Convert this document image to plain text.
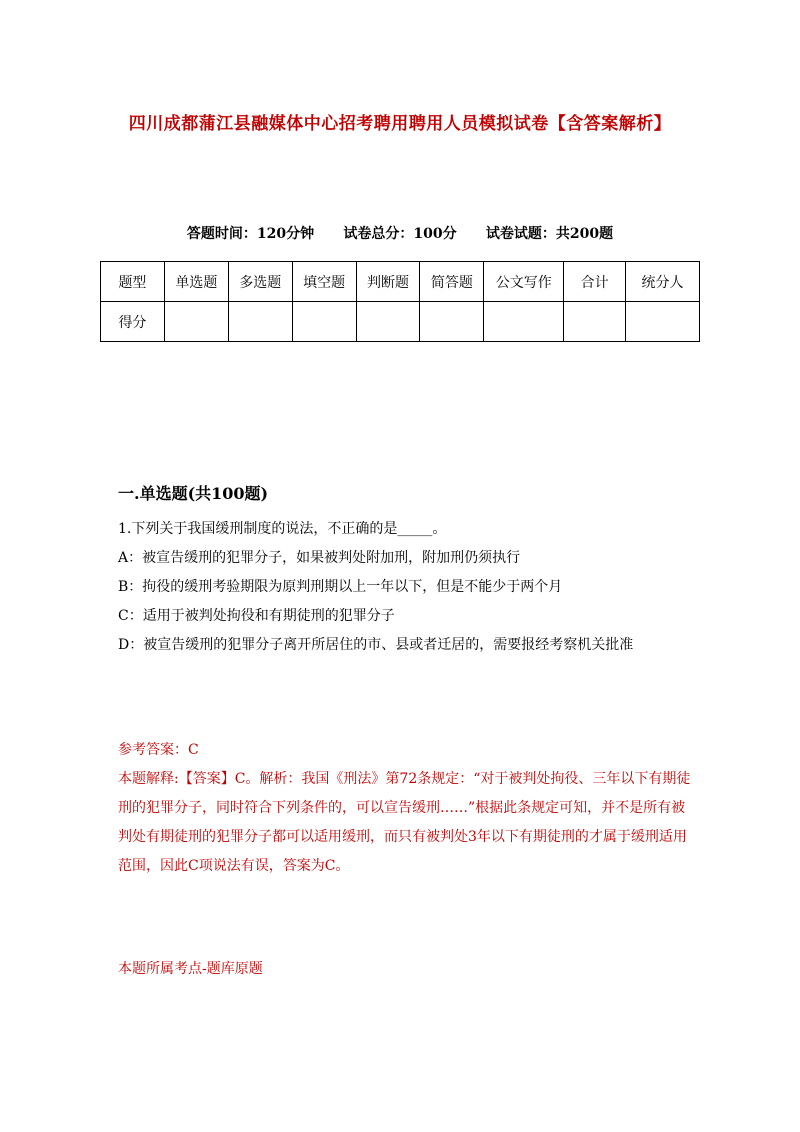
四川成都蒲江县融媒体中心招考聘用聘用人员模拟试卷【含答案解析】
答题时间：120分钟 试卷总分：100分 试卷试题：共200题
题型	单选题	多选题	填空题	判断题	简答题	公文写作	合计	统分人
得分								
一.单选题(共100题)
1.下列关于我国缓刑制度的说法，不正确的是_____。
A：被宣告缓刑的犯罪分子，如果被判处附加刑，附加刑仍须执行
B：拘役的缓刑考验期限为原判刑期以上一年以下，但是不能少于两个月
C：适用于被判处拘役和有期徒刑的犯罪分子
D：被宣告缓刑的犯罪分子离开所居住的市、县或者迁居的，需要报经考察机关批准
参考答案：C
本题解释:【答案】C。解析：我国《刑法》第72条规定：“对于被判处拘役、三年以下有期徒刑的犯罪分子，同时符合下列条件的，可以宣告缓刑……”根据此条规定可知，并不是所有被判处有期徒刑的犯罪分子都可以适用缓刑，而只有被判处3年以下有期徒刑的才属于缓刑适用范围，因此C项说法有误，答案为C。
本题所属考点-题库原题
